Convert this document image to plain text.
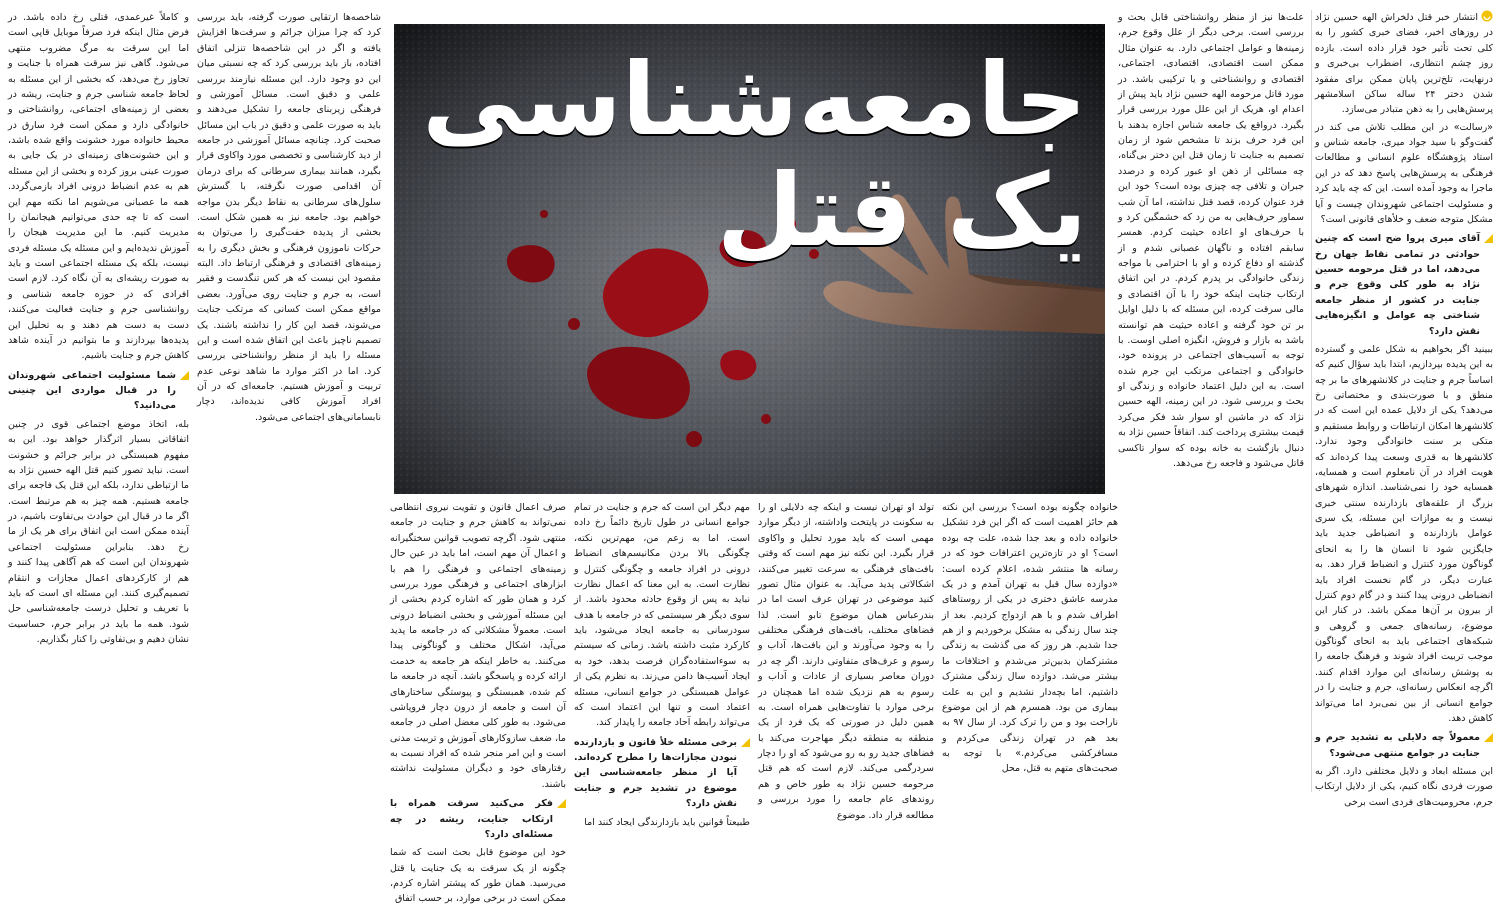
انتشار خبر قتل دلخراش الهه حسین نژاد در روزهای اخیر، فضای خبری کشور را به کلی تحت تأثیر خود قرار داده است. بازده روز چشم انتظاری، اضطراب بی‌خبری و درنهایت، تلخ‌ترین پایان ممکن برای مفقود شدن دختر ۲۴ ساله ساکن اسلامشهر پرسش‌هایی را به ذهن متبادر می‌سازد.

«رسالت» در این مطلب تلاش می کند در گفت‌وگو با سید جواد میری، جامعه شناس و استاد پژوهشگاه علوم انسانی و مطالعات فرهنگی به پرسش‌هایی پاسخ دهد که در این ماجرا به وجود آمده است. این که چه باید کرد و مسئولیت اجتماعی شهروندان چیست و آیا مشکل متوجه ضعف و خلأهای قانونی است؟

آقای میری پروا ضح است که چنین حوادثی در تمامی نقاط جهان رخ می‌دهد، اما در قتل مرحومه حسین نژاد به طور کلی وقوع جرم و جنایت در کشور از منظر جامعه شناختی چه عوامل و انگیزه‌هایی نقش دارد؟

ببینید اگر بخواهیم به شکل علمی و گسترده به این پدیده بپردازیم، ابتدا باید سؤال کنیم که اساساً جرم و جنایت در کلانشهرهای ما بر چه منطق و با صورت‌بندی و مختصاتی رخ می‌دهد؟ یکی از دلایل عمده این است که در کلانشهرها امکان ارتباطات و روابط مستقیم و متکی بر سنت خانوادگی وجود ندارد. کلانشهرها به قدری وسعت پیدا کرده‌اند که هویت افراد در آن نامعلوم است و همسایه، همسایه خود را نمی‌شناسد. اندازه شهرهای بزرگ از علقه‌های بازدارنده سنتی خبری نیست و به موازات این مسئله، یک سری عوامل بازدارنده و انضباطی جدید باید جایگزین شود تا انسان ها را به انحای گوناگون مورد کنترل و انضباط قرار دهد. به عبارت دیگر، در گام نخست افراد باید انضباطی درونی پیدا کنند و در گام دوم کنترل از بیرون بر آن‌ها ممکن باشد. در کنار این موضوع، رسانه‌های جمعی و گروهی و شبکه‌های اجتماعی باید به انحای گوناگون موجب تربیت افراد شوند و فرهنگ جامعه را به پوشش رسانه‌ای این موارد اقدام کنند. اگرچه انعکاس رسانه‌ای، جرم و جنایت را در جوامع انسانی از بین نمی‌برد اما می‌تواند کاهش دهد.

معمولاً چه دلایلی به تشدید جرم و جنایت در جوامع منتهی می‌شود؟

این مسئله ابعاد و دلایل مختلفی دارد. اگر به صورت فردی نگاه کنیم، یکی از دلایل ارتکاب جرم، محرومیت‌های فردی است برخی

علت‌ها نیز از منظر روانشناختی قابل بحث و بررسی است. برخی دیگر از علل وقوع جرم، زمینه‌ها و عوامل اجتماعی دارد. به عنوان مثال ممکن است اقتصادی، اقتصادی، اجتماعی، اقتصادی و روانشناختی و یا ترکیبی باشد. در مورد قاتل مرحومه الهه حسین نژاد باید پیش از اعدام او، هریک از این علل مورد بررسی قرار بگیرد. درواقع یک جامعه شناس اجازه بدهند با این فرد حرف بزند تا مشخص شود از زمان تصمیم به جنایت تا زمان قتل این دختر بی‌گناه، چه مسائلی از ذهن او عبور کرده و درصدد جبران و تلافی چه چیزی بوده است؟ خود این فرد عنوان کرده، قصد قتل نداشته، اما آن شب سماور حرف‌هایی به من زد که خشمگین کرد و با حرف‌های او اعاده حیثیت کردم. همسر سابقم افتاده و ناگهان عصبانی شدم و از گذشته او دفاع کرده و او با احترامی با مواجه زندگی خانوادگی بر پدرم کردم. در این اتفاق ارتکاب جنایت اینکه خود را با آن اقتصادی و مالی سرقت کرده، این مسئله که با دلیل اوایل بر تن خود گرفته و اعاده حیثیت هم توانسته باشد به بازار و فروش، انگیزه اصلی اوست. با توجه به آسیب‌های اجتماعی در پرونده خود، خانوادگی و اجتماعی مرتکب این جرم شده است. به این دلیل اعتماد خانواده و زندگی او بحث و بررسی شود. در این زمینه، الهه حسین نژاد که در ماشین او سوار شد فکر می‌کرد قیمت بیشتری پرداخت کند. اتفاقاً حسین نژاد به دنبال بازگشت به خانه بوده که سوار تاکسی قاتل می‌شود و فاجعه رخ می‌دهد.

جامعه‌شناسی
یک قتل

خانواده چگونه بوده است؟ بررسی این نکته هم حائز اهمیت است که اگر این فرد تشکیل خانواده داده و بعد جدا شده، علت چه بوده است؟ او در تازه‌ترین اعترافات خود که در رسانه ها منتشر شده، اعلام کرده است: «دوازده سال قبل به تهران آمدم و در یک مدرسه عاشق دختری در یکی از روستاهای اطراف شدم و با هم ازدواج کردیم. بعد از چند سال زندگی به مشکل برخوردیم و از هم جدا شدیم. هر روز که می گذشت به زندگی مشترکمان بدبین‌تر می‌شدم و اختلافات ما بیشتر می‌شد. دوازده سال زندگی مشترک داشتیم، اما بچه‌دار نشدیم و این به علت بیماری من بود. همسرم هم از این موضوع ناراحت بود و من را ترک کرد. از سال ۹۷ به بعد هم در تهران زندگی می‌کردم و مسافرکشی می‌کردم.» با توجه به صحبت‌های متهم به قتل، محل

تولد او تهران نیست و اینکه چه دلایلی او را به سکونت در پایتخت واداشته، از دیگر موارد مهمی است که باید مورد تحلیل و واکاوی قرار بگیرد. این نکته نیز مهم است که وقتی بافت‌های فرهنگی به سرعت تغییر می‌کنند، اشکالاتی پدید می‌آید. به عنوان مثال تصور کنید موضوعی در تهران عرف است اما در بندرعباس همان موضوع تابو است. لذا فضاهای مختلف، بافت‌های فرهنگی مختلفی را به وجود می‌آورند و این بافت‌ها، آداب و رسوم و عرف‌های متفاوتی دارند. اگر چه در دوران معاصر بسیاری از عادات و آداب و رسوم به هم نزدیک شده اما همچنان در برخی موارد با تفاوت‌هایی همراه است. به همین دلیل در صورتی که یک فرد از یک منطقه به منطقه دیگر مهاجرت می‌کند با فضاهای جدید رو به رو می‌شود که او را دچار سردرگمی می‌کند. لازم است که هم قتل مرحومه حسین نژاد به طور خاص و هم روندهای عام جامعه را مورد بررسی و مطالعه قرار داد. موضوع

مهم دیگر این است که جرم و جنایت در تمام جوامع انسانی در طول تاریخ دائماً رخ داده است. اما به زعم من، مهم‌ترین نکته، چگونگی بالا بردن مکانیسم‌های انضباط درونی در افراد جامعه و چگونگی کنترل و نظارت است. به این معنا که اعمال نظارت نباید به پس از وقوع حادثه محدود باشد. از سوی دیگر هر سیستمی که در جامعه با هدف سودرسانی به جامعه ایجاد می‌شود، باید کارکرد مثبت داشته باشد. زمانی که سیستم به سوءاستفاده‌گران فرصت بدهد، خود به ایجاد آسیب‌ها دامن می‌زند. به نظرم یکی از عوامل همبستگی در جوامع انسانی، مسئله اعتماد است و تنها این اعتماد است که می‌تواند رابطه آحاد جامعه را پایدار کند.

برخی مسئله خلأ قانون و بازدارنده نبودن مجازات‌ها را مطرح کرده‌اند. آیا از منظر جامعه‌شناسی این موضوع در تشدید جرم و جنایت نقش دارد؟

طبیعتاً قوانین باید بازدارندگی ایجاد کنند اما

صرف اعمال قانون و تقویت نیروی انتظامی نمی‌تواند به کاهش جرم و جنایت در جامعه منتهی شود. اگرچه تصویب قوانین سختگیرانه و اعمال آن مهم است، اما باید در عین حال زمینه‌های اجتماعی و فرهنگی را هم با ابزارهای اجتماعی و فرهنگی مورد بررسی کرد و همان طور که اشاره کردم بخشی از این مسئله آموزشی و بخشی انضباط درونی است. معمولاً مشکلاتی که در جامعه ما پدید می‌آید، اشکال مختلف و گوناگونی پیدا می‌کنند. به خاطر اینکه هر جامعه به خدمت ارائه کرده و پاسخگو باشد. آنچه در جامعه ما کم شده، همبستگی و پیوستگی ساختارهای آن است و جامعه از درون دچار فروپاشی می‌شود. به طور کلی معضل اصلی در جامعه ما، ضعف سازوکارهای آموزش و تربیت مدنی است و این امر منجر شده که افراد نسبت به رفتارهای خود و دیگران مسئولیت نداشته باشند.

فکر می‌کنید سرقت همراه با ارتکاب جنایت، ریشه در چه مسئله‌ای دارد؟

خود این موضوع قابل بحث است که شما چگونه از یک سرقت به یک جنایت یا قتل می‌رسید. همان طور که پیشتر اشاره کردم، ممکن است در برخی موارد، بر حسب اتفاق

شاخصه‌ها ارتقایی صورت گرفته، باید بررسی کرد که چرا میزان جرائم و سرقت‌ها افزایش یافته و اگر در این شاخصه‌ها تنزلی اتفاق افتاده، باز باید بررسی کرد که چه نسبتی میان این دو وجود دارد. این مسئله نیازمند بررسی علمی و دقیق است. مسائل آموزشی و فرهنگی زیربنای جامعه را تشکیل می‌دهند و باید به صورت علمی و دقیق در باب این مسائل صحبت کرد. چنانچه مسائل آموزشی در جامعه از دید کارشناسی و تخصصی مورد واکاوی قرار بگیرد، همانند بیماری سرطانی که برای درمان آن اقدامی صورت نگرفته، با گسترش سلول‌های سرطانی به نقاط دیگر بدن مواجه خواهیم بود. جامعه نیز به همین شکل است. بخشی از پدیده خفت‌گیری را می‌توان به حرکات ناموزون فرهنگی و بخش دیگری را به زمینه‌های اقتصادی و فرهنگی ارتباط داد. البته مقصود این نیست که هر کس تنگدست و فقیر است، به جرم و جنایت روی می‌آورد. بعضی مواقع ممکن است کسانی که مرتکب جنایت می‌شوند، قصد این کار را نداشته باشند. یک تصمیم ناچیز باعث این اتفاق شده است و این مسئله را باید از منظر روانشناختی بررسی کرد. اما در اکثر موارد ما شاهد نوعی عدم تربیت و آموزش هستیم. جامعه‌ای که در آن افراد آموزش کافی ندیده‌اند، دچار نابسامانی‌های اجتماعی می‌شود.

و کاملاً غیرعمدی، قتلی رخ داده باشد. در فرض مثال اینکه فرد صرفاً موبایل قاپی است اما این سرقت به مرگ مضروب منتهی می‌شود. گاهی نیز سرقت همراه با جنایت و تجاوز رخ می‌دهد، که بخشی از این مسئله به لحاظ جامعه شناسی جرم و جنایت، ریشه در بعضی از زمینه‌های اجتماعی، روانشناختی و خانوادگی دارد و ممکن است فرد سارق در محیط خانواده مورد خشونت واقع شده باشد، و این خشونت‌های زمینه‌ای در یک جایی به صورت عینی بروز کرده و بخشی از این مسئله هم به عدم انضباط درونی افراد بازمی‌گردد. همه ما عصبانی می‌شویم اما نکته مهم این است که تا چه حدی می‌توانیم هیجانمان را مدیریت کنیم. ما این مدیریت هیجان را آموزش ندیده‌ایم و این مسئله یک مسئله فردی نیست، بلکه یک مسئله اجتماعی است و باید به صورت ریشه‌ای به آن نگاه کرد. لازم است افرادی که در حوزه جامعه شناسی و روانشناسی جرم و جنایت فعالیت می‌کنند، دست به دست هم دهند و به تحلیل این پدیده‌ها بپردازند و ما بتوانیم در آینده شاهد کاهش جرم و جنایت باشیم.

شما مسئولیت اجتماعی شهروندان را در قبال مواردی این چنینی می‌دانید؟

بله، اتخاذ موضع اجتماعی قوی در چنین اتفاقاتی بسیار اثرگذار خواهد بود. این به مفهوم همبستگی در برابر جرائم و خشونت است. نباید تصور کنیم قتل الهه حسین نژاد به ما ارتباطی ندارد، بلکه این قتل یک فاجعه برای جامعه هستیم. همه چیز به هم مرتبط است. اگر ما در قبال این حوادث بی‌تفاوت باشیم، در آینده ممکن است این اتفاق برای هر یک از ما رخ دهد. بنابراین مسئولیت اجتماعی شهروندان این است که هم آگاهی پیدا کنند و هم از کارکردهای اعمال مجازات و انتقام تصمیم‌گیری کنند. این مسئله ای است که باید با تعریف و تحلیل درست جامعه‌شناسی حل شود. همه ما باید در برابر جرم، حساسیت نشان دهیم و بی‌تفاوتی را کنار بگذاریم.
